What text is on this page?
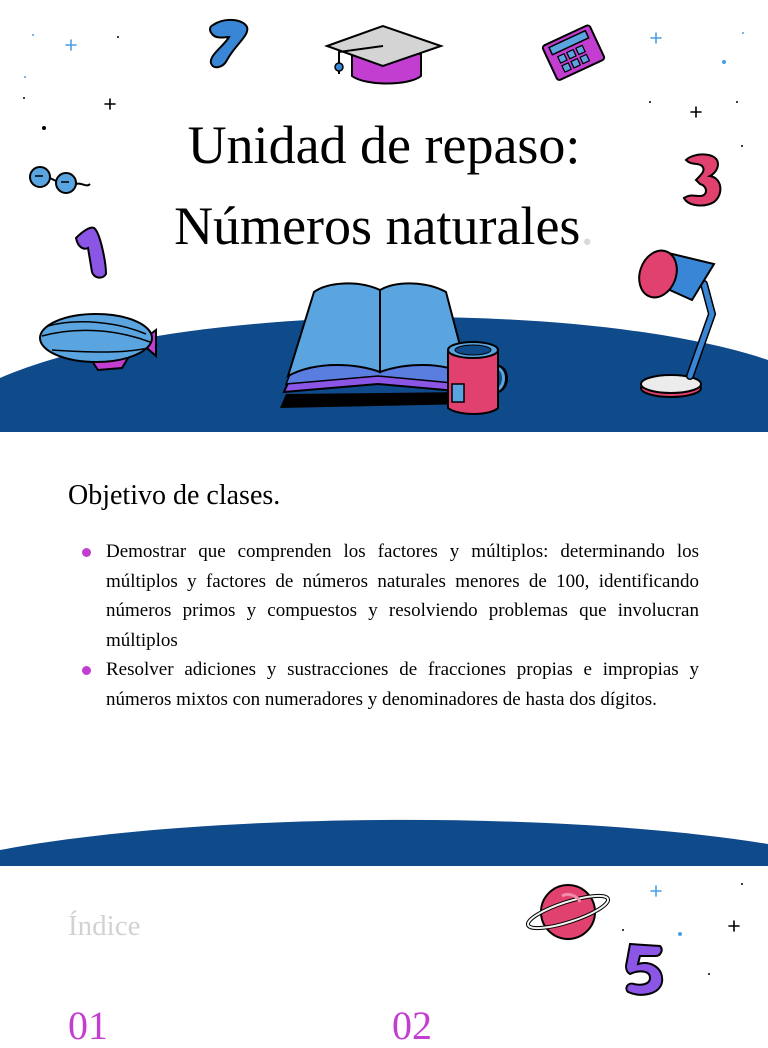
Unidad de repaso:
Números naturales.
Objetivo de clases.
Demostrar que comprenden los factores y múltiplos: determinando los múltiplos y factores de números naturales menores de 100, identificando números primos y compuestos y resolviendo problemas que involucran múltiplos
Resolver adiciones y sustracciones de fracciones propias e impropias y números mixtos con numeradores y denominadores de hasta dos dígitos.
Índice
01	02
